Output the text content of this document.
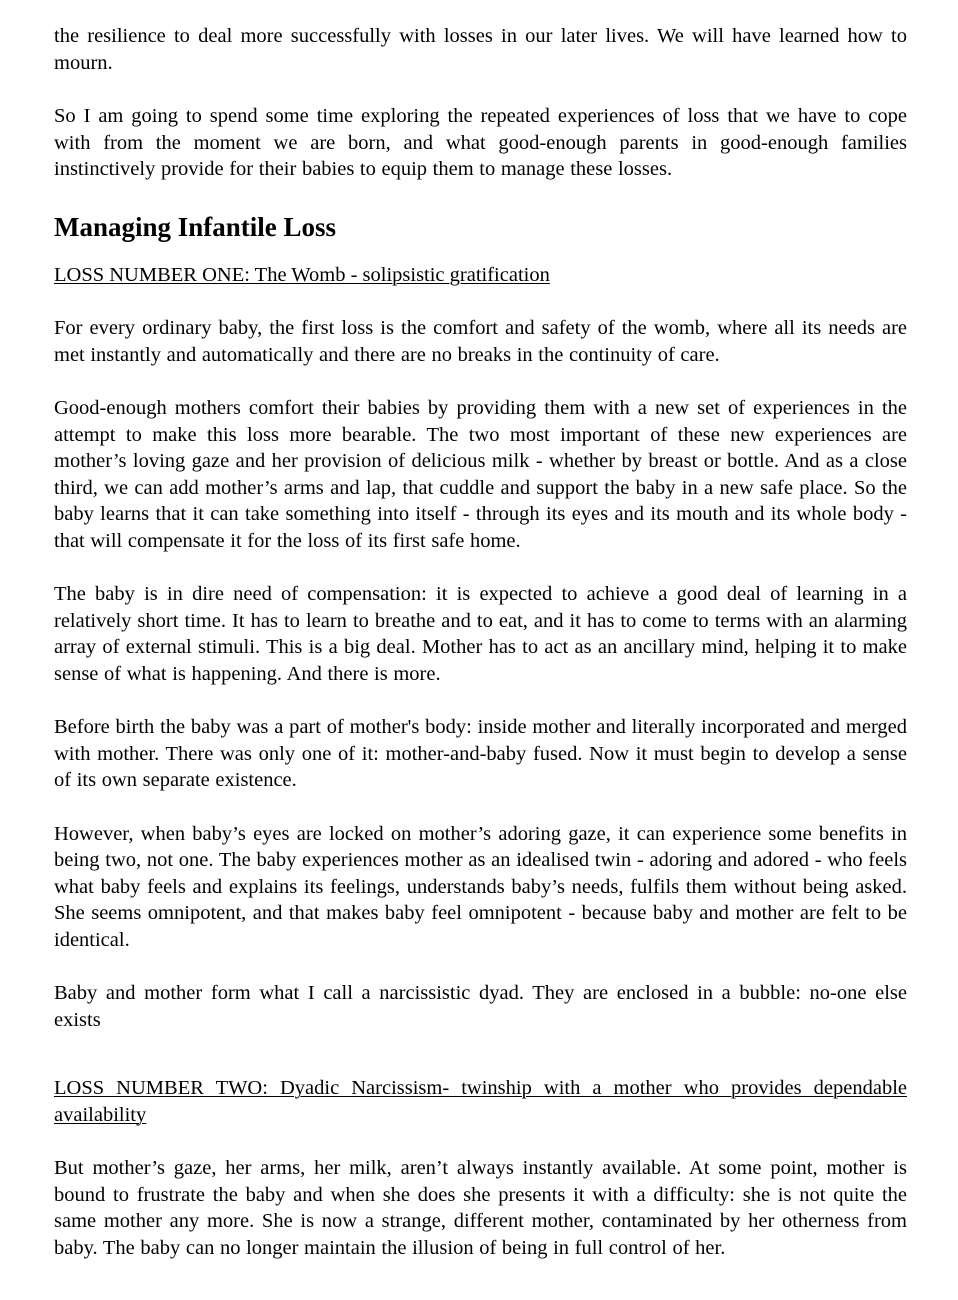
the resilience to deal more successfully with losses in our later lives. We will have learned how to mourn.

So I am going to spend some time exploring the repeated experiences of loss that we have to cope with from the moment we are born, and what good-enough parents in good-enough families instinctively provide for their babies to equip them to manage these losses.

Managing Infantile Loss

LOSS NUMBER ONE: The Womb - solipsistic gratification

For every ordinary baby, the first loss is the comfort and safety of the womb, where all its needs are met instantly and automatically and there are no breaks in the continuity of care.

Good-enough mothers comfort their babies by providing them with a new set of experiences in the attempt to make this loss more bearable. The two most important of these new experiences are mother’s loving gaze and her provision of delicious milk - whether by breast or bottle. And as a close third, we can add mother’s arms and lap, that cuddle and support the baby in a new safe place. So the baby learns that it can take something into itself - through its eyes and its mouth and its whole body - that will compensate it for the loss of its first safe home.

The baby is in dire need of compensation: it is expected to achieve a good deal of learning in a relatively short time. It has to learn to breathe and to eat, and it has to come to terms with an alarming array of external stimuli. This is a big deal. Mother has to act as an ancillary mind, helping it to make sense of what is happening. And there is more.

Before birth the baby was a part of mother's body: inside mother and literally incorporated and merged with mother. There was only one of it: mother-and-baby fused. Now it must begin to develop a sense of its own separate existence.

However, when baby’s eyes are locked on mother’s adoring gaze, it can experience some benefits in being two, not one. The baby experiences mother as an idealised twin - adoring and adored - who feels what baby feels and explains its feelings, understands baby’s needs, fulfils them without being asked. She seems omnipotent, and that makes baby feel omnipotent - because baby and mother are felt to be identical.

Baby and mother form what I call a narcissistic dyad. They are enclosed in a bubble: no-one else exists

LOSS NUMBER TWO: Dyadic Narcissism- twinship with a mother who provides dependable availability

But mother’s gaze, her arms, her milk, aren’t always instantly available. At some point, mother is bound to frustrate the baby and when she does she presents it with a difficulty: she is not quite the same mother any more. She is now a strange, different mother, contaminated by her otherness from baby. The baby can no longer maintain the illusion of being in full control of her.
